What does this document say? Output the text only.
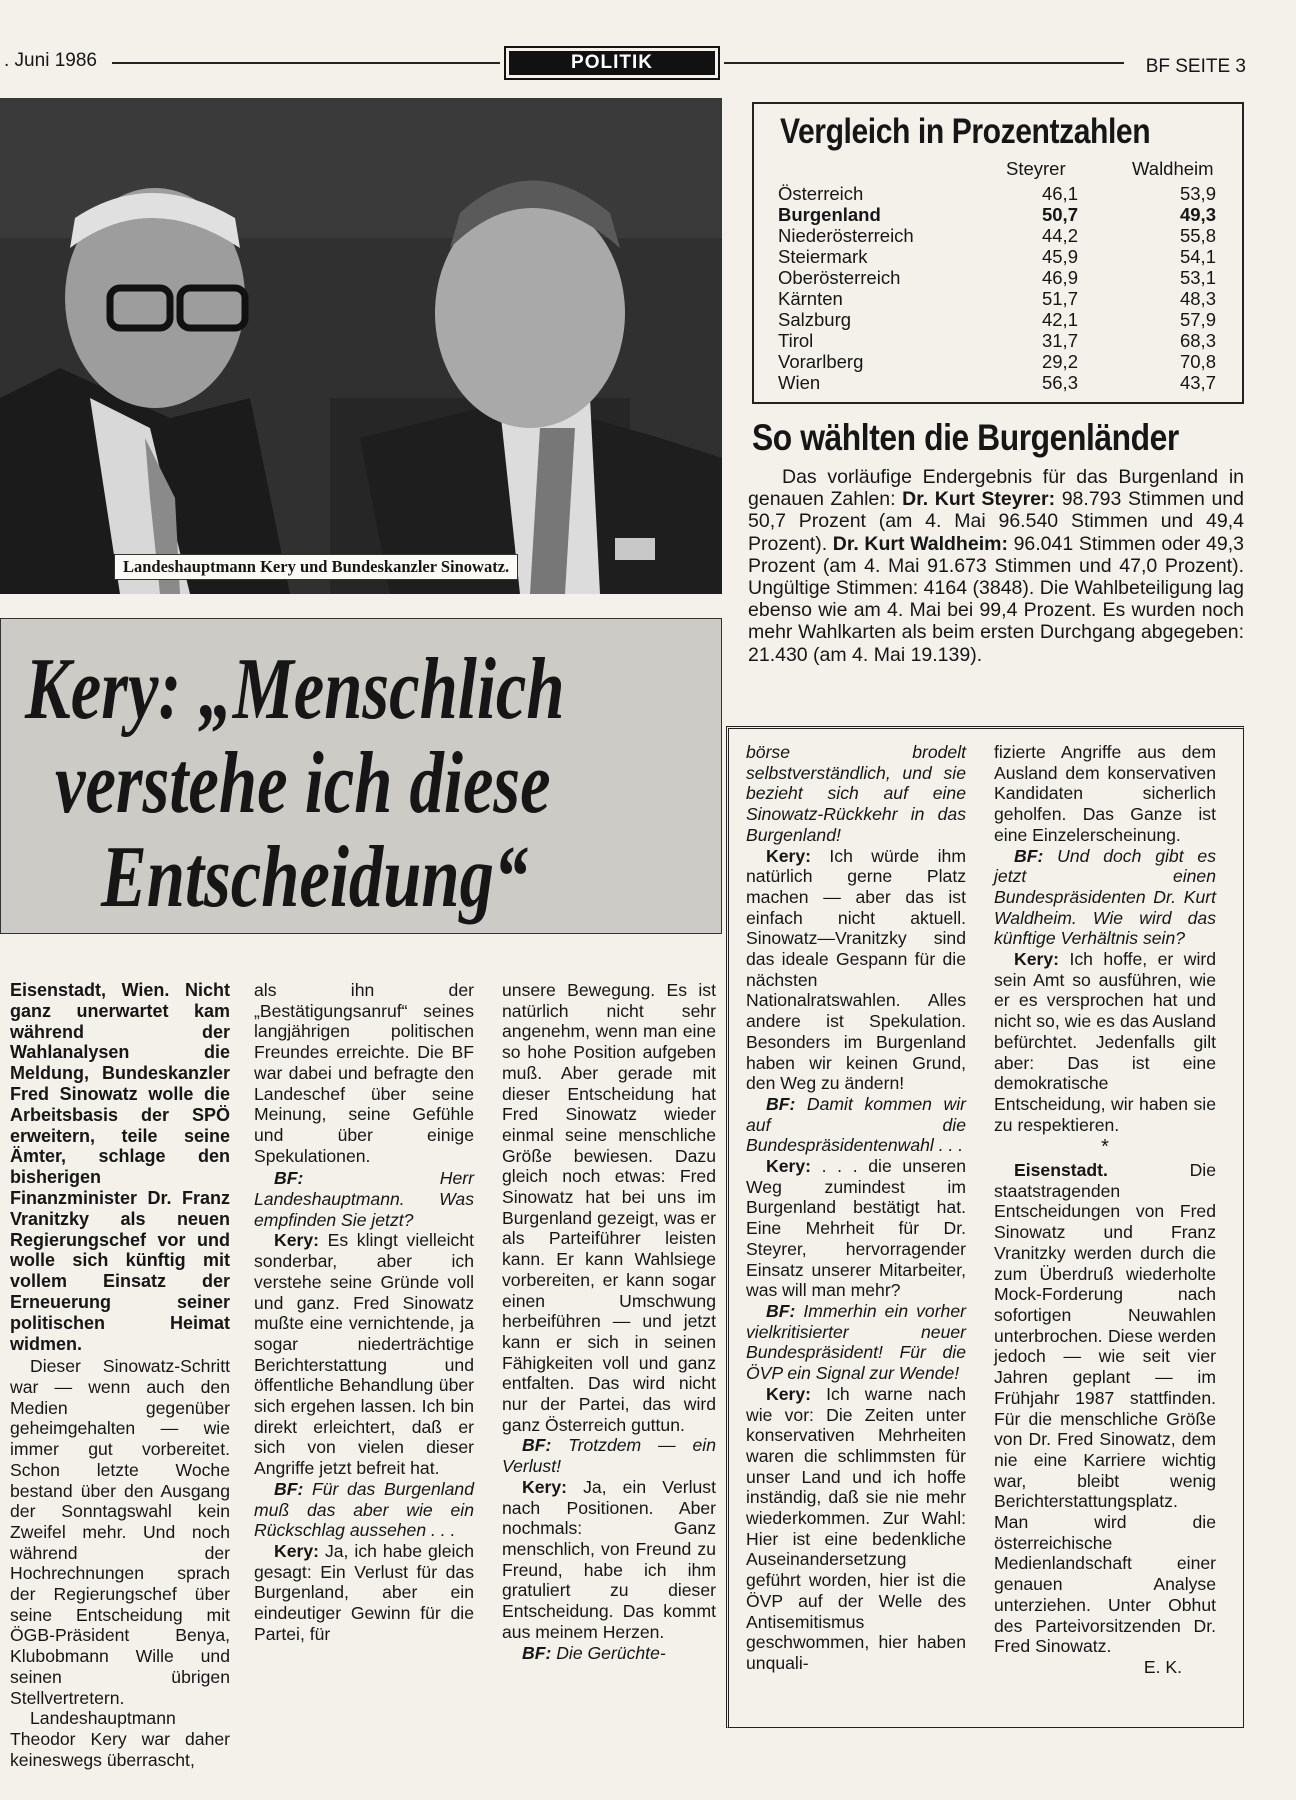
. Juni 1986	POLITIK	BF SEITE 3
Landeshauptmann Kery und Bundeskanzler Sinowatz.
Vergleich in Prozentzahlen
Steyrer	Waldheim
Österreich	46,1	53,9
Burgenland	50,7	49,3
Niederösterreich	44,2	55,8
Steiermark	45,9	54,1
Oberösterreich	46,9	53,1
Kärnten	51,7	48,3
Salzburg	42,1	57,9
Tirol	31,7	68,3
Vorarlberg	29,2	70,8
Wien	56,3	43,7
So wählten die Burgenländer
Das vorläufige Endergebnis für das Burgenland in genauen Zahlen: Dr. Kurt Steyrer: 98.793 Stimmen und 50,7 Prozent (am 4. Mai 96.540 Stimmen und 49,4 Prozent). Dr. Kurt Waldheim: 96.041 Stimmen oder 49,3 Prozent (am 4. Mai 91.673 Stimmen und 47,0 Prozent). Ungültige Stimmen: 4164 (3848). Die Wahlbeteiligung lag ebenso wie am 4. Mai bei 99,4 Prozent. Es wurden noch mehr Wahlkarten als beim ersten Durchgang abgegeben: 21.430 (am 4. Mai 19.139).
Kery: „Menschlich
verstehe ich diese
Entscheidung“

Eisenstadt, Wien. Nicht ganz unerwartet kam während der Wahlanalysen die Meldung, Bundeskanzler Fred Sinowatz wolle die Arbeitsbasis der SPÖ erweitern, teile seine Ämter, schlage den bisherigen Finanzminister Dr. Franz Vranitzky als neuen Regierungschef vor und wolle sich künftig mit vollem Einsatz der Erneuerung seiner politischen Heimat widmen.

Dieser Sinowatz-Schritt war — wenn auch den Medien gegenüber geheimgehalten — wie immer gut vorbereitet. Schon letzte Woche bestand über den Ausgang der Sonntagswahl kein Zweifel mehr. Und noch während der Hochrechnungen sprach der Regierungschef über seine Entscheidung mit ÖGB-Präsident Benya, Klubobmann Wille und seinen übrigen Stellvertretern.

Landeshauptmann Theodor Kery war daher keineswegs überrascht,

als ihn der „Bestätigungsanruf“ seines langjährigen politischen Freundes erreichte. Die BF war dabei und befragte den Landeschef über seine Meinung, seine Gefühle und über einige Spekulationen.

BF: Herr Landeshauptmann. Was empfinden Sie jetzt?

Kery: Es klingt vielleicht sonderbar, aber ich verstehe seine Gründe voll und ganz. Fred Sinowatz mußte eine vernichtende, ja sogar niederträchtige Berichterstattung und öffentliche Behandlung über sich ergehen lassen. Ich bin direkt erleichtert, daß er sich von vielen dieser Angriffe jetzt befreit hat.

BF: Für das Burgenland muß das aber wie ein Rückschlag aussehen . . .

Kery: Ja, ich habe gleich gesagt: Ein Verlust für das Burgenland, aber ein eindeutiger Gewinn für die Partei, für

unsere Bewegung. Es ist natürlich nicht sehr angenehm, wenn man eine so hohe Position aufgeben muß. Aber gerade mit dieser Entscheidung hat Fred Sinowatz wieder einmal seine menschliche Größe bewiesen. Dazu gleich noch etwas: Fred Sinowatz hat bei uns im Burgenland gezeigt, was er als Parteiführer leisten kann. Er kann Wahlsiege vorbereiten, er kann sogar einen Umschwung herbeiführen — und jetzt kann er sich in seinen Fähigkeiten voll und ganz entfalten. Das wird nicht nur der Partei, das wird ganz Österreich guttun.

BF: Trotzdem — ein Verlust!

Kery: Ja, ein Verlust nach Positionen. Aber nochmals: Ganz menschlich, von Freund zu Freund, habe ich ihm gratuliert zu dieser Entscheidung. Das kommt aus meinem Herzen.

BF: Die Gerüchte-

börse brodelt selbstverständlich, und sie bezieht sich auf eine Sinowatz-Rückkehr in das Burgenland!

Kery: Ich würde ihm natürlich gerne Platz machen — aber das ist einfach nicht aktuell. Sinowatz—Vranitzky sind das ideale Gespann für die nächsten Nationalratswahlen. Alles andere ist Spekulation. Besonders im Burgenland haben wir keinen Grund, den Weg zu ändern!

BF: Damit kommen wir auf die Bundespräsidentenwahl . . .

Kery: . . . die unseren Weg zumindest im Burgenland bestätigt hat. Eine Mehrheit für Dr. Steyrer, hervorragender Einsatz unserer Mitarbeiter, was will man mehr?

BF: Immerhin ein vorher vielkritisierter neuer Bundespräsident! Für die ÖVP ein Signal zur Wende!

Kery: Ich warne nach wie vor: Die Zeiten unter konservativen Mehrheiten waren die schlimmsten für unser Land und ich hoffe inständig, daß sie nie mehr wiederkommen. Zur Wahl: Hier ist eine bedenkliche Auseinandersetzung geführt worden, hier ist die ÖVP auf der Welle des Antisemitismus geschwommen, hier haben unquali-

fizierte Angriffe aus dem Ausland dem konservativen Kandidaten sicherlich geholfen. Das Ganze ist eine Einzelerscheinung.

BF: Und doch gibt es jetzt einen Bundespräsidenten Dr. Kurt Waldheim. Wie wird das künftige Verhältnis sein?

Kery: Ich hoffe, er wird sein Amt so ausführen, wie er es versprochen hat und nicht so, wie es das Ausland befürchtet. Jedenfalls gilt aber: Das ist eine demokratische Entscheidung, wir haben sie zu respektieren.

*

Eisenstadt. Die staatstragenden Entscheidungen von Fred Sinowatz und Franz Vranitzky werden durch die zum Überdruß wiederholte Mock-Forderung nach sofortigen Neuwahlen unterbrochen. Diese werden jedoch — wie seit vier Jahren geplant — im Frühjahr 1987 stattfinden. Für die menschliche Größe von Dr. Fred Sinowatz, dem nie eine Karriere wichtig war, bleibt wenig Berichterstattungsplatz. Man wird die österreichische Medienlandschaft einer genauen Analyse unterziehen. Unter Obhut des Parteivorsitzenden Dr. Fred Sinowatz.

E. K.
